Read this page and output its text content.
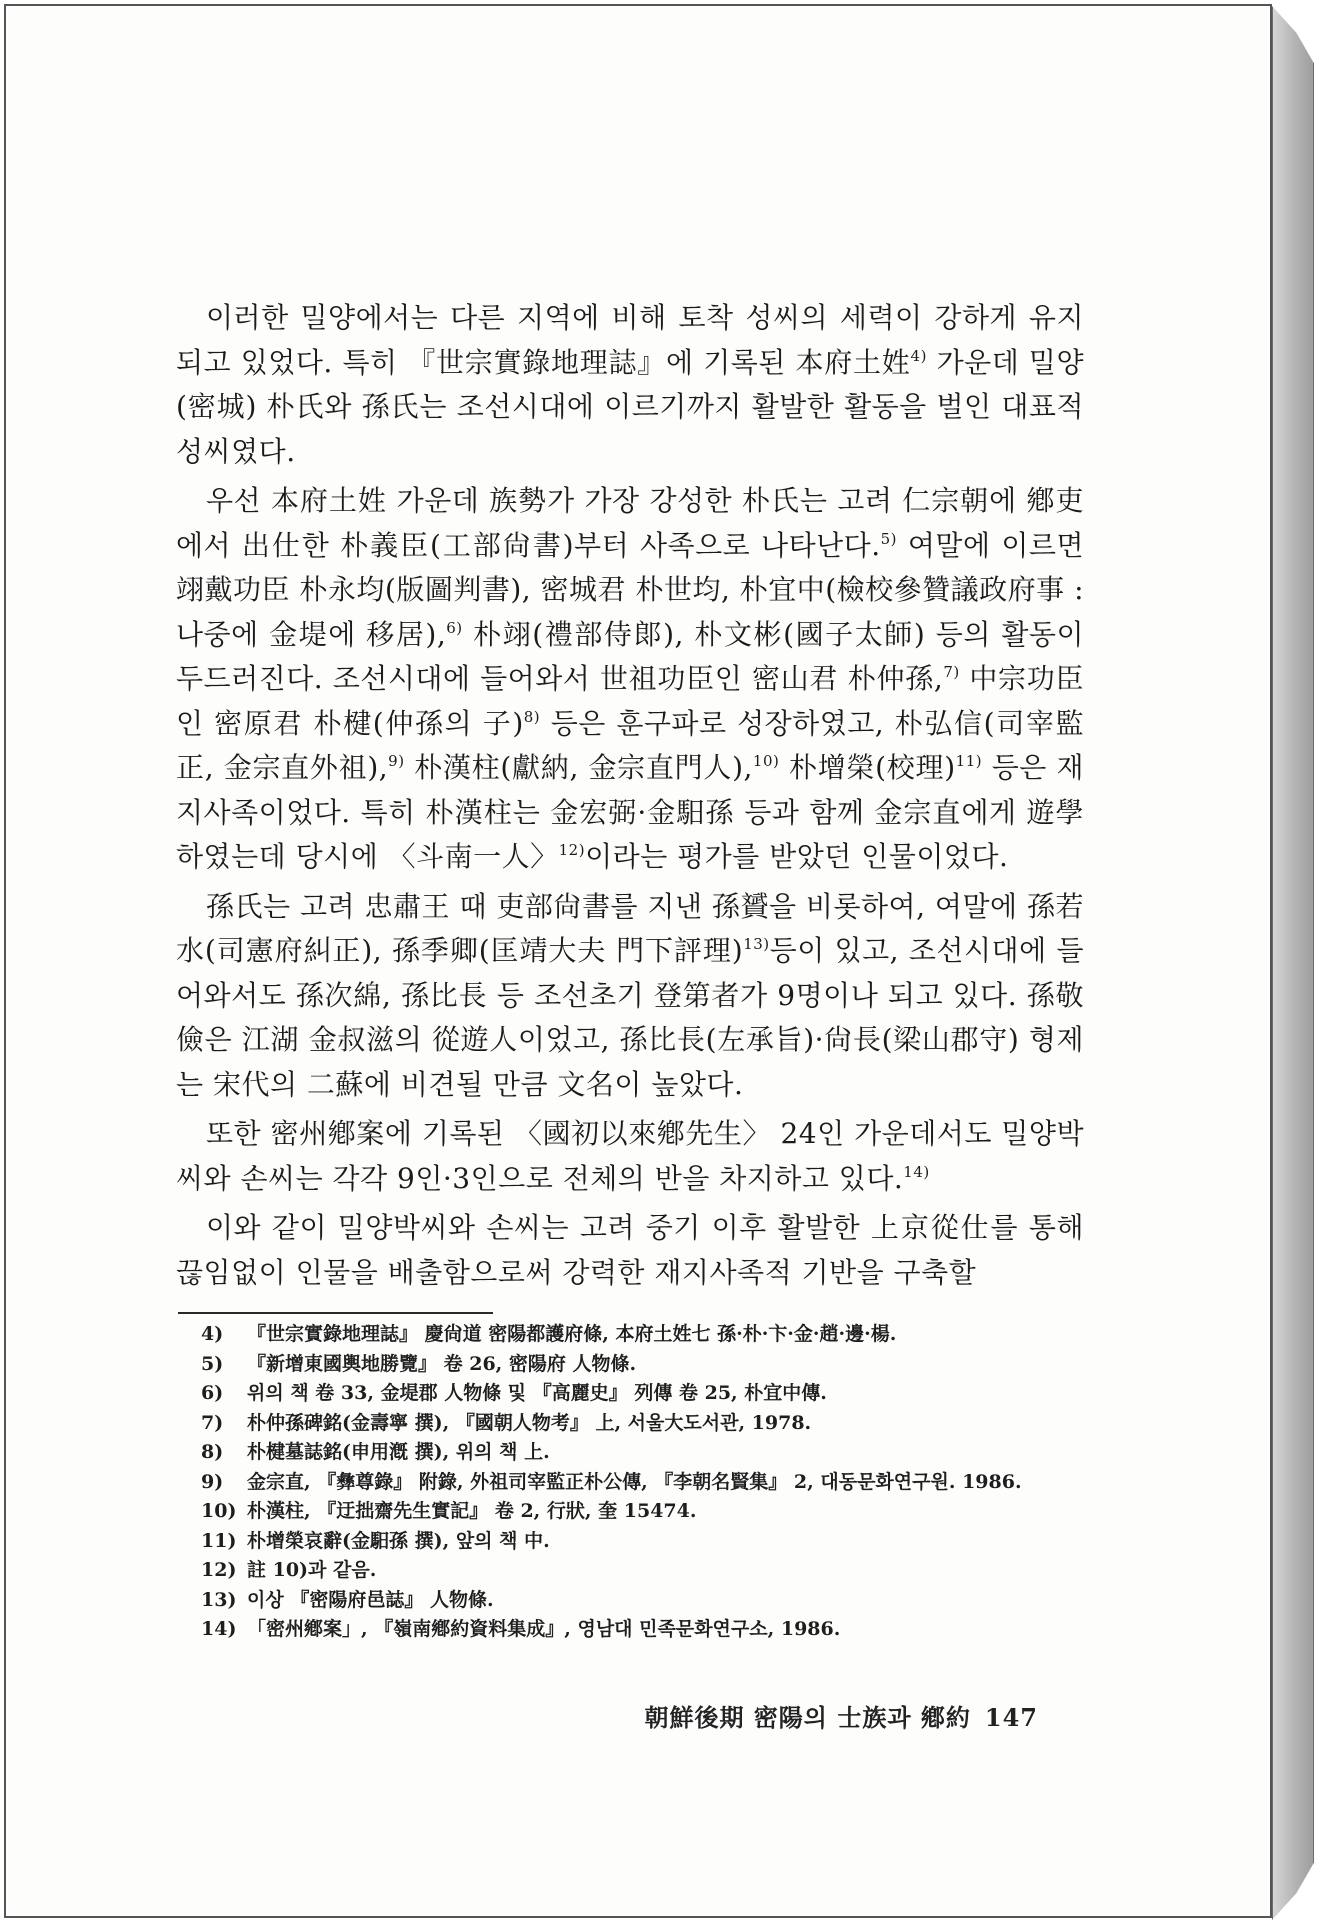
이러한 밀양에서는 다른 지역에 비해 토착 성씨의 세력이 강하게 유지되고 있었다. 특히 『世宗實錄地理誌』에 기록된 本府土姓$^{4)}$ 가운데 밀양(密城) 朴氏와 孫氏는 조선시대에 이르기까지 활발한 활동을 벌인 대표적 성씨였다.

우선 本府土姓 가운데 族勢가 가장 강성한 朴氏는 고려 仁宗朝에 鄕吏에서 出仕한 朴義臣(工部尙書)부터 사족으로 나타난다.$^{5)}$ 여말에 이르면 翊戴功臣 朴永均(版圖判書), 密城君 朴世均, 朴宜中(檢校參贊議政府事 : 나중에 金堤에 移居),$^{6)}$ 朴翊(禮部侍郞), 朴文彬(國子太師) 등의 활동이 두드러진다. 조선시대에 들어와서 世祖功臣인 密山君 朴仲孫,$^{7)}$ 中宗功臣인 密原君 朴楗(仲孫의 子)$^{8)}$ 등은 훈구파로 성장하였고, 朴弘信(司宰監正, 金宗直外祖),$^{9)}$ 朴漢柱(獻納, 金宗直門人),$^{10)}$ 朴增榮(校理)$^{11)}$ 등은 재지사족이었다. 특히 朴漢柱는 金宏弼·金馹孫 등과 함께 金宗直에게 遊學하였는데 당시에 〈斗南一人〉$^{12)}$이라는 평가를 받았던 인물이었다.

孫氏는 고려 忠肅王 때 吏部尙書를 지낸 孫贇을 비롯하여, 여말에 孫若水(司憲府糾正), 孫季卿(匡靖大夫 門下評理)$^{13)}$등이 있고, 조선시대에 들어와서도 孫次綿, 孫比長 등 조선초기 登第者가 9명이나 되고 있다. 孫敬儉은 江湖 金叔滋의 從遊人이었고, 孫比長(左承旨)·尙長(梁山郡守) 형제는 宋代의 二蘇에 비견될 만큼 文名이 높았다.

또한 密州鄕案에 기록된 〈國初以來鄕先生〉 24인 가운데서도 밀양박씨와 손씨는 각각 9인·3인으로 전체의 반을 차지하고 있다.$^{14)}$

이와 같이 밀양박씨와 손씨는 고려 중기 이후 활발한 上京從仕를 통해 끊임없이 인물을 배출함으로써 강력한 재지사족적 기반을 구축할

4) 『世宗實錄地理誌』 慶尙道 密陽都護府條, 本府土姓七 孫·朴·卞·金·趙·邊·楊.
5) 『新增東國輿地勝覽』 卷 26, 密陽府 人物條.
6) 위의 책 卷 33, 金堤郡 人物條 및 『高麗史』 列傳 卷 25, 朴宜中傳.
7) 朴仲孫碑銘(金壽寧 撰), 『國朝人物考』 上, 서울大도서관, 1978.
8) 朴楗墓誌銘(申用漑 撰), 위의 책 上.
9) 金宗直, 『彝尊錄』 附錄, 外祖司宰監正朴公傳, 『李朝名賢集』 2, 대동문화연구원. 1986.
10) 朴漢柱, 『迂拙齋先生實記』 卷 2, 行狀, 奎 15474.
11) 朴增榮哀辭(金馹孫 撰), 앞의 책 中.
12) 註 10)과 같음.
13) 이상 『密陽府邑誌』 人物條.
14) 「密州鄕案」, 『嶺南鄕約資料集成』, 영남대 민족문화연구소, 1986.
朝鮮後期 密陽의 士族과 鄕約 147
